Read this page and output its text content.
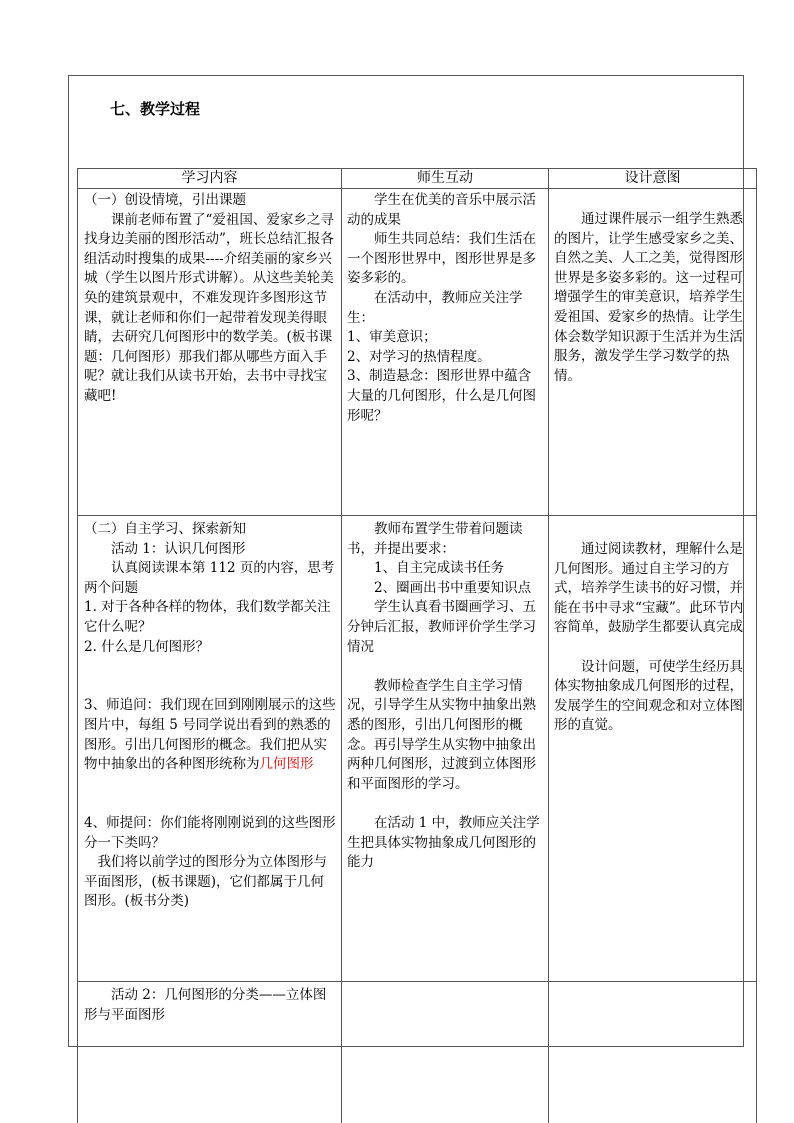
七、教学过程
学习内容	师生互动	设计意图

（一）创设情境，引出课题

课前老师布置了“爱祖国、爱家乡之寻找身边美丽的图形活动”，班长总结汇报各组活动时搜集的成果----介绍美丽的家乡兴城（学生以图片形式讲解）。从这些美轮美奂的建筑景观中，不难发现许多图形这节课，就让老师和你们一起带着发现美得眼睛，去研究几何图形中的数学美。(板书课题：几何图形）那我们都从哪些方面入手呢？就让我们从读书开始，去书中寻找宝藏吧!

学生在优美的音乐中展示活动的成果

师生共同总结：我们生活在一个图形世界中，图形世界是多姿多彩的。

在活动中，教师应关注学生：

1、审美意识；

2、对学习的热情程度。

3、制造悬念：图形世界中蕴含大量的几何图形，什么是几何图形呢？

通过课件展示一组学生熟悉的图片，让学生感受家乡之美、自然之美、人工之美，觉得图形世界是多姿多彩的。这一过程可增强学生的审美意识，培养学生爱祖国、爱家乡的热情。让学生体会数学知识源于生活并为生活服务，激发学生学习数学的热情。

（二）自主学习、探索新知

活动 1：认识几何图形

认真阅读课本第 112 页的内容，思考两个问题

1. 对于各种各样的物体，我们数学都关注它什么呢？

2. 什么是几何图形？

3、师追问：我们现在回到刚刚展示的这些图片中，每组 5 号同学说出看到的熟悉的图形。引出几何图形的概念。我们把从实物中抽象出的各种图形统称为几何图形

4、师提问：你们能将刚刚说到的这些图形分一下类吗？

我们将以前学过的图形分为立体图形与平面图形，(板书课题)，它们都属于几何图形。(板书分类)

教师布置学生带着问题读书，并提出要求：

1、自主完成读书任务

2、圈画出书中重要知识点

学生认真看书圈画学习、五分钟后汇报，教师评价学生学习情况

教师检查学生自主学习情况，引导学生从实物中抽象出熟悉的图形，引出几何图形的概念。再引导学生从实物中抽象出两种几何图形，过渡到立体图形和平面图形的学习。

在活动 1 中，教师应关注学生把具体实物抽象成几何图形的能力

通过阅读教材，理解什么是几何图形。通过自主学习的方式，培养学生读书的好习惯，并能在书中寻求“宝藏”。此环节内容简单，鼓励学生都要认真完成

设计问题，可使学生经历具体实物抽象成几何图形的过程，发展学生的空间观念和对立体图形的直觉。

活动 2：几何图形的分类——立体图形与平面图形
